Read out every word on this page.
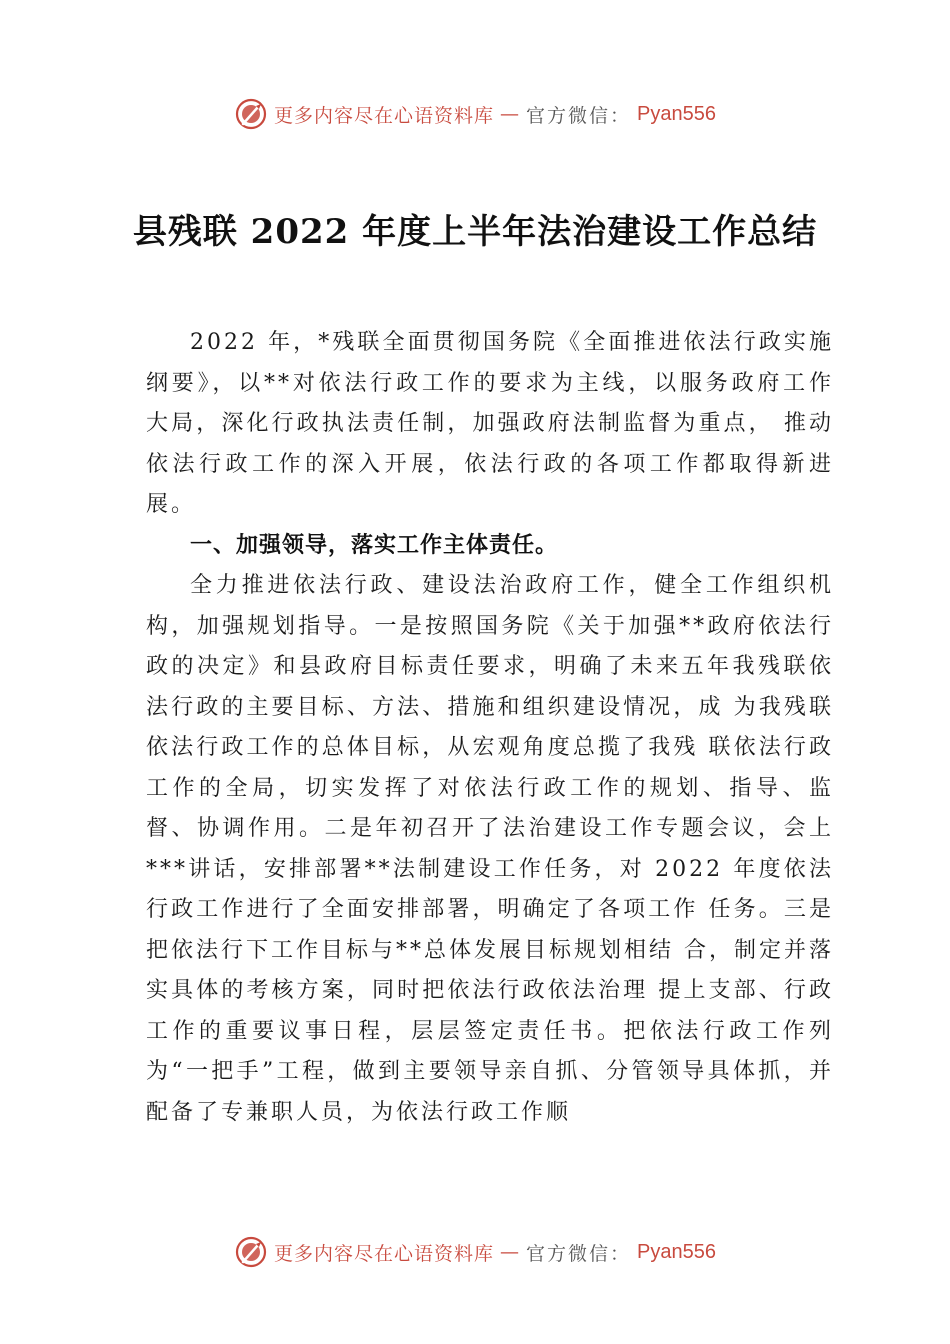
更多内容尽在心语资料库 — 官方微信： Pyan556
县残联 2022 年度上半年法治建设工作总结

2022 年，*残联全面贯彻国务院《全面推进依法行政实施纲要》，以**对依法行政工作的要求为主线，以服务政府工作大局，深化行政执法责任制，加强政府法制监督为重点， 推动依法行政工作的深入开展，依法行政的各项工作都取得新进展。

一、加强领导，落实工作主体责任。

全力推进依法行政、建设法治政府工作，健全工作组织机构，加强规划指导。一是按照国务院《关于加强**政府依法行政的决定》和县政府目标责任要求，明确了未来五年我残联依法行政的主要目标、方法、措施和组织建设情况，成 为我残联依法行政工作的总体目标，从宏观角度总揽了我残 联依法行政工作的全局，切实发挥了对依法行政工作的规划、指导、监督、协调作用。二是年初召开了法治建设工作专题会议，会上***讲话，安排部署**法制建设工作任务，对 2022 年度依法行政工作进行了全面安排部署，明确定了各项工作 任务。三是把依法行下工作目标与**总体发展目标规划相结 合，制定并落实具体的考核方案，同时把依法行政依法治理 提上支部、行政工作的重要议事日程，层层签定责任书。把依法行政工作列为“一把手”工程，做到主要领导亲自抓、分管领导具体抓，并配备了专兼职人员，为依法行政工作顺

更多内容尽在心语资料库 — 官方微信： Pyan556
